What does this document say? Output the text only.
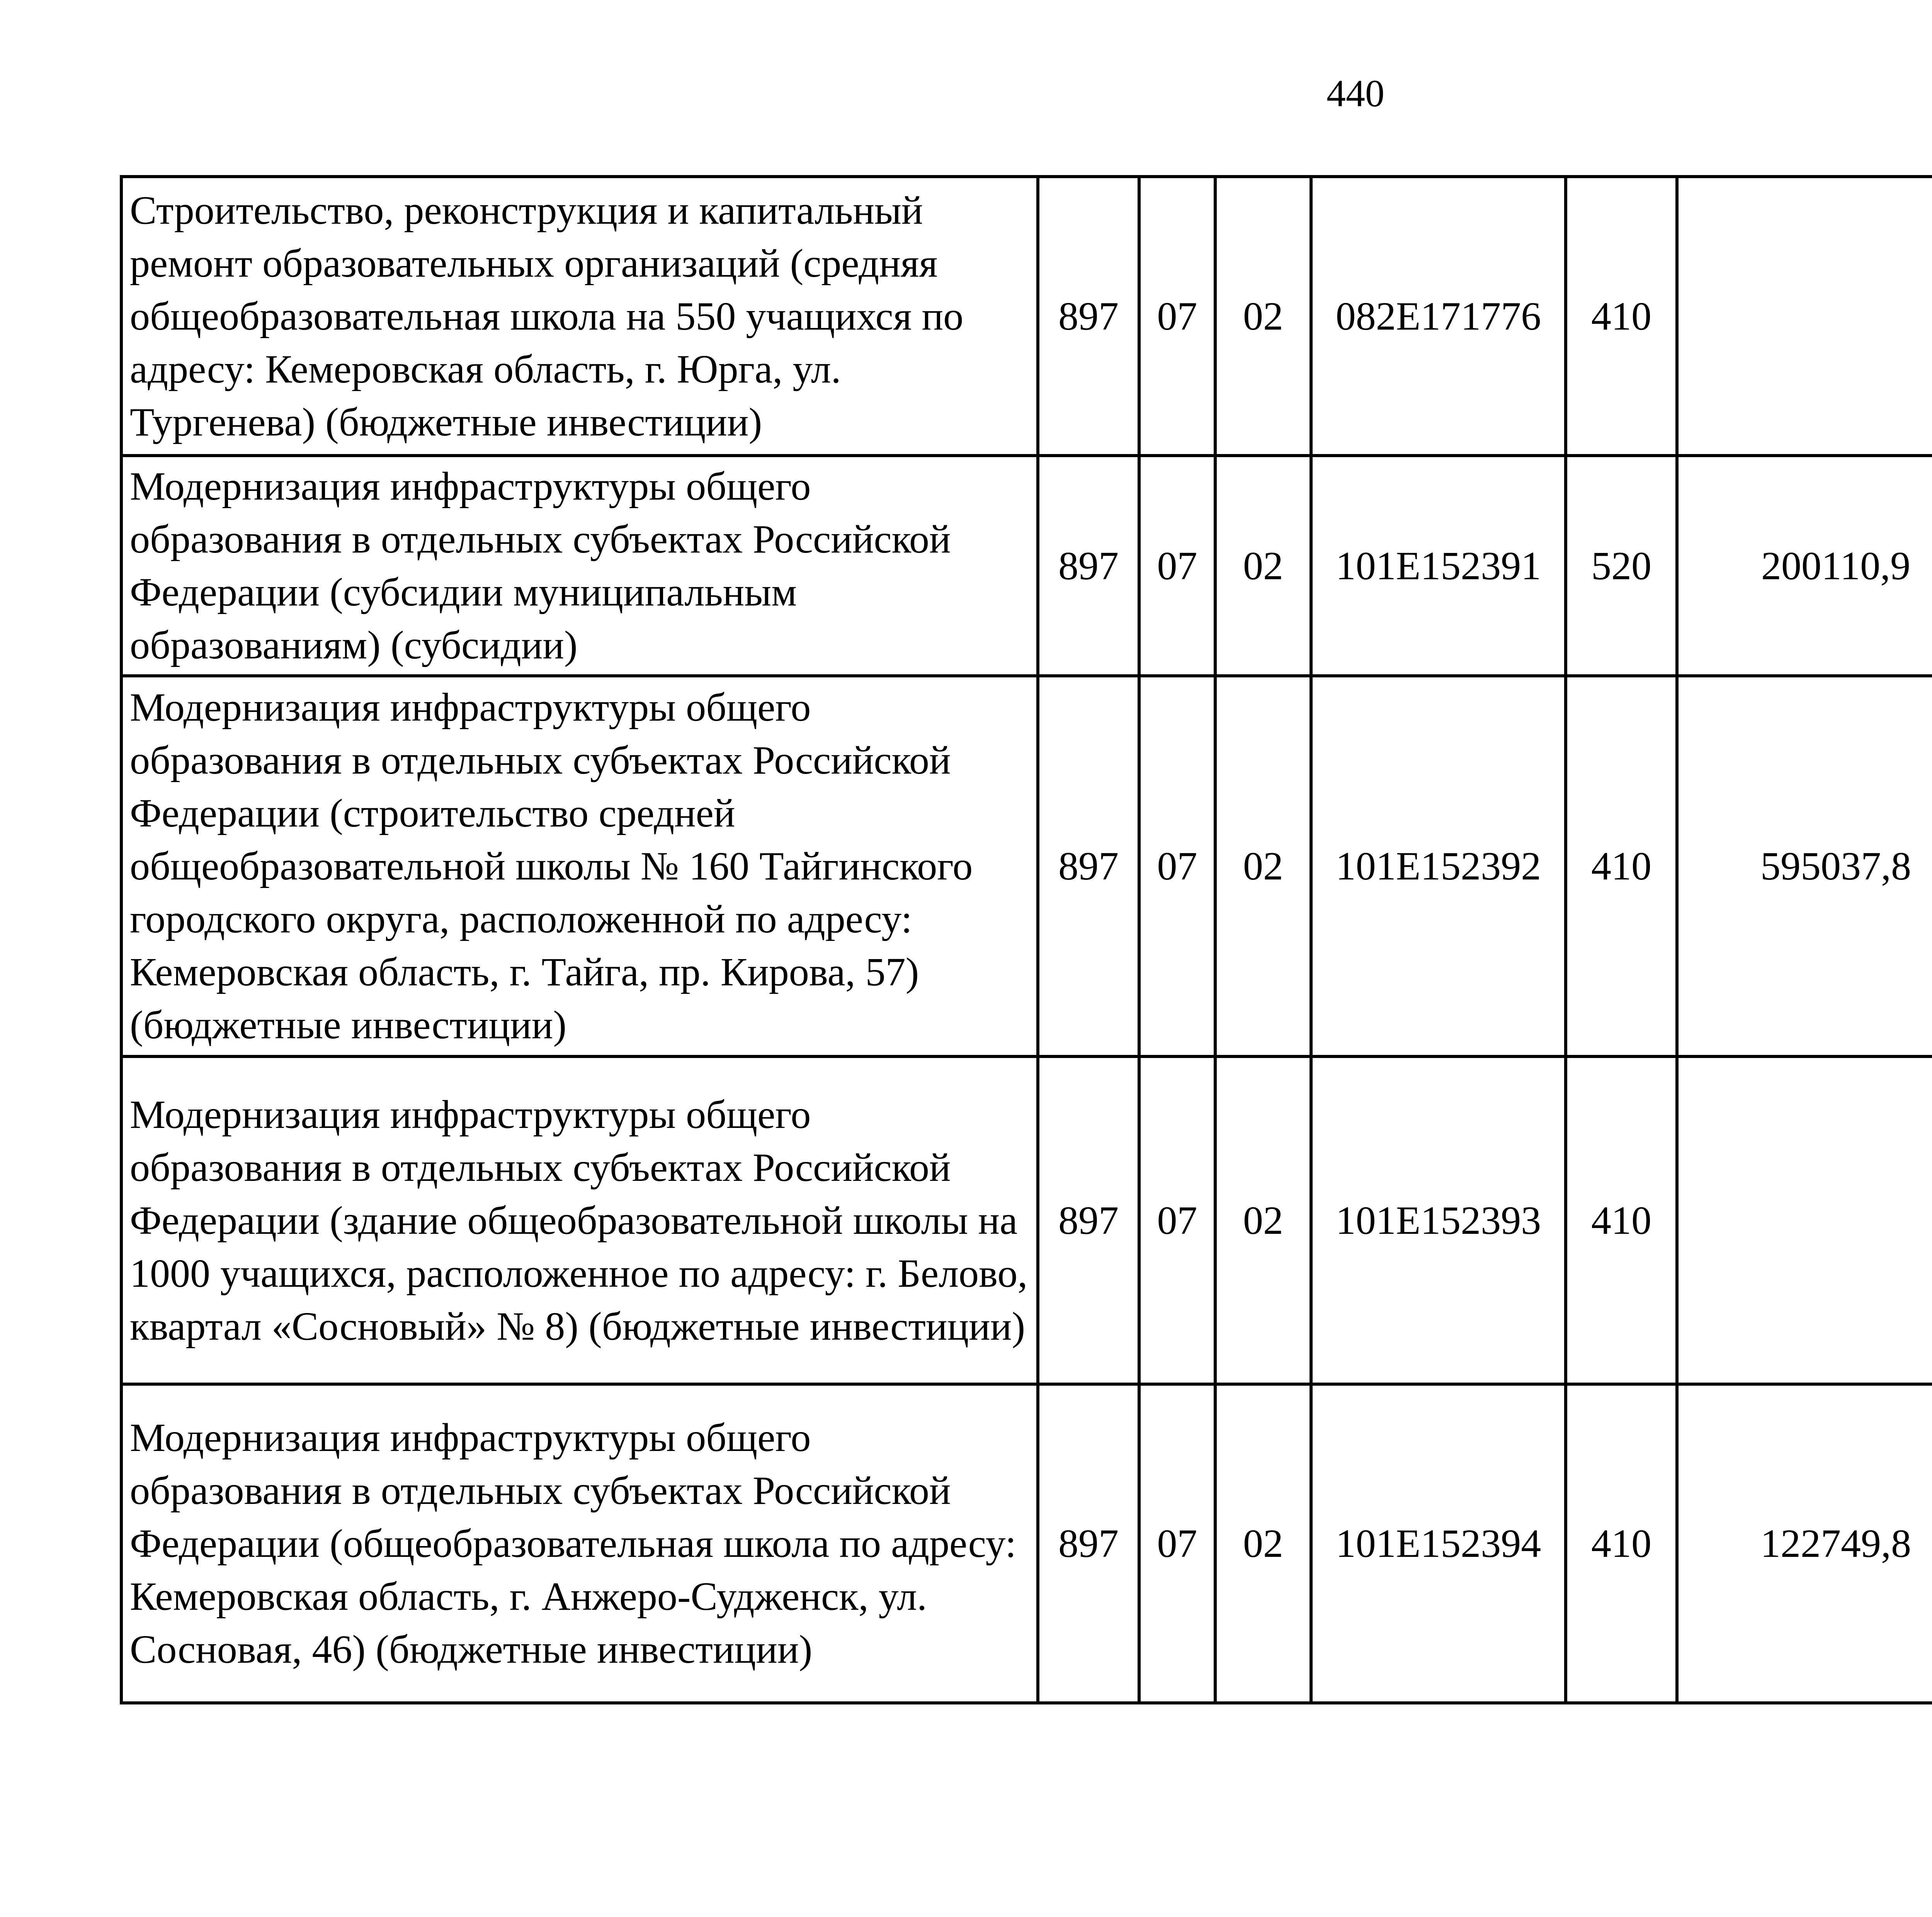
440
Строительство, реконструкция и капитальный ремонт образовательных организаций (средняя общеобразовательная школа на 550 учащихся по адресу: Кемеровская область, г. Юрга, ул. Тургенева) (бюджетные инвестиции)	897	07	02	082E171776	410			
Модернизация инфраструктуры общего образования в отдельных субъектах Российской Федерации (субсидии муниципальным образованиям) (субсидии)	897	07	02	101E152391	520	200110,9		
Модернизация инфраструктуры общего образования в отдельных субъектах Российской Федерации (строительство средней общеобразовательной школы № 160 Тайгинского городского округа, расположенной по адресу: Кемеровская область, г. Тайга, пр. Кирова, 57) (бюджетные инвестиции)	897	07	02	101E152392	410	595037,8		
Модернизация инфраструктуры общего образования в отдельных субъектах Российской Федерации (здание общеобразовательной школы на 1000 учащихся, расположенное по адресу: г. Белово, квартал «Сосновый» № 8) (бюджетные инвестиции)	897	07	02	101E152393	410			
Модернизация инфраструктуры общего образования в отдельных субъектах Российской Федерации (общеобразовательная школа по адресу: Кемеровская область, г. Анжеро-Судженск, ул. Сосновая, 46) (бюджетные инвестиции)	897	07	02	101E152394	410	122749,8		
